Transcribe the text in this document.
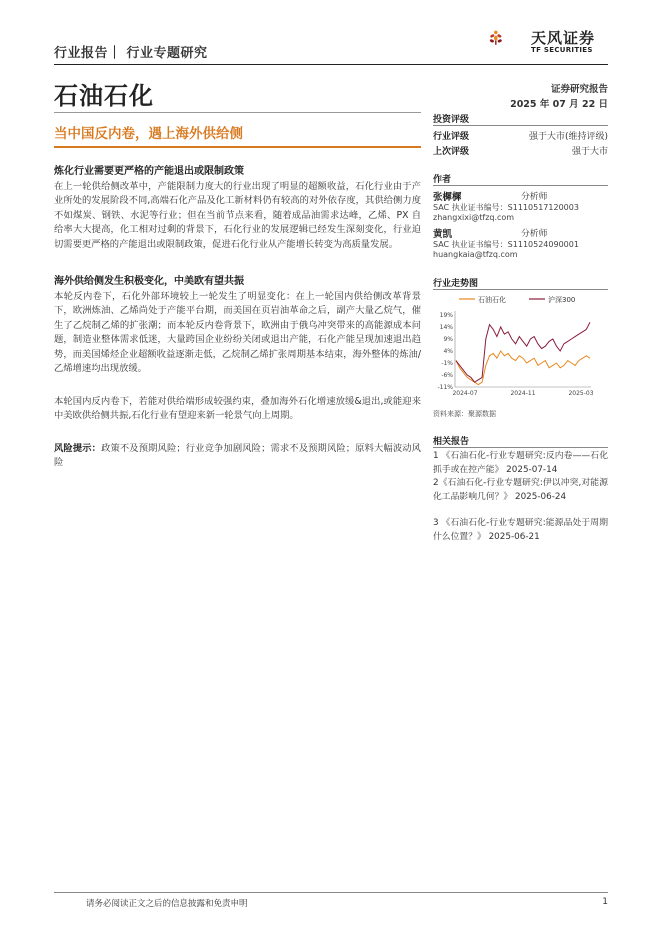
行业报告｜ 行业专题研究
天风证券
TF SECURITIES
石油石化	证券研究报告
2025 年 07 月 22 日
当中国反内卷，遇上海外供给侧
炼化行业需要更严格的产能退出或限制政策
在上一轮供给侧改革中，产能限制力度大的行业出现了明显的超额收益，石化行业由于产业所处的发展阶段不同,高端石化产品及化工新材料仍有较高的对外依存度，其供给侧力度不如煤炭、钢铁、水泥等行业；但在当前节点来看，随着成品油需求达峰，乙烯、PX 自给率大大提高，化工相对过剩的背景下，石化行业的发展逻辑已经发生深刻变化，行业迫切需要更严格的产能退出或限制政策，促进石化行业从产能增长转变为高质量发展。
海外供给侧发生积极变化，中美欧有望共振
本轮反内卷下，石化外部环境较上一轮发生了明显变化：在上一轮国内供给侧改革背景下，欧洲炼油、乙烯尚处于产能平台期，而美国在页岩油革命之后，副产大量乙烷气，催生了乙烷制乙烯的扩张潮；而本轮反内卷背景下，欧洲由于俄乌冲突带来的高能源成本问题，制造业整体需求低迷，大量跨国企业纷纷关闭或退出产能，石化产能呈现加速退出趋势，而美国烯烃企业超额收益逐渐走低，乙烷制乙烯扩张周期基本结束，海外整体的炼油/乙烯增速均出现放缓。
本轮国内反内卷下，若能对供给端形成较强约束，叠加海外石化增速放缓&退出,或能迎来中美欧供给侧共振,石化行业有望迎来新一轮景气向上周期。
风险提示：政策不及预期风险；行业竞争加剧风险；需求不及预期风险；原料大幅波动风险
投资评级
行业评级	强于大市(维持评级)
上次评级	强于大市
作者
张樨樨	分析师
SAC 执业证书编号：S1110517120003
zhangxixi@tfzq.com
黄凯	分析师
SAC 执业证书编号：S1110524090001
huangkaia@tfzq.com
行业走势图
石油石化	沪深300
19%
14%
9%
4%
-1%
-6%
-11%
2024-07	2024-11	2025-03
资料来源：聚源数据
相关报告
1 《石油石化-行业专题研究:反内卷——石化抓手或在控产能》 2025-07-14
2《石油石化-行业专题研究:伊以冲突,对能源化工品影响几何？》 2025-06-24
3 《石油石化-行业专题研究:能源品处于周期什么位置？》 2025-06-21
请务必阅读正文之后的信息披露和免责申明	1
